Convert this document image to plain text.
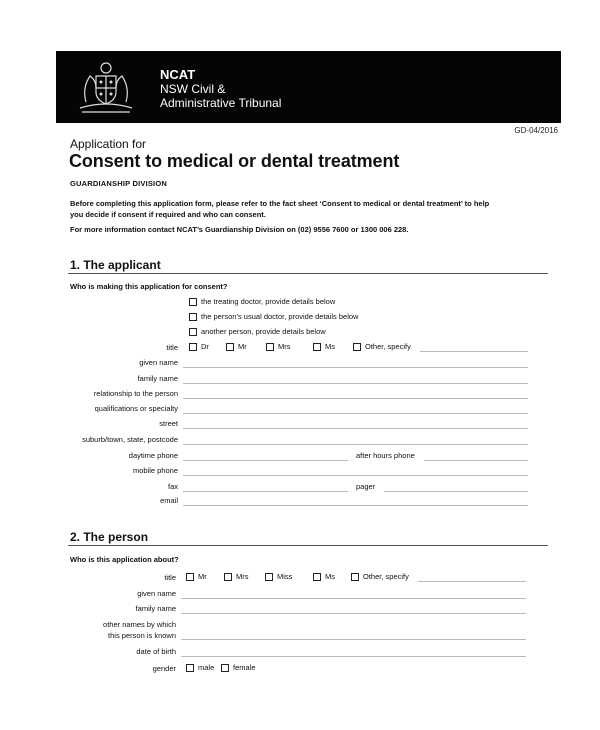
NCAT
NSW Civil &
Administrative Tribunal
GD-04/2016
Application for
Consent to medical or dental treatment
GUARDIANSHIP DIVISION
Before completing this application form, please refer to the fact sheet ‘Consent to medical or dental treatment’ to help
you decide if consent if required and who can consent.
For more information contact NCAT’s Guardianship Division on (02) 9556 7600 or 1300 006 228.
1. The applicant
Who is making this application for consent?
the treating doctor, provide details below
the person’s usual doctor, provide details below
another person, provide details below
title	Dr	Mr	Mrs	Ms	Other, specify
given name
family name
relationship to the person
qualifications or specialty
street
suburb/town, state, postcode
daytime phone	after hours phone
mobile phone
fax	pager
email
2. The person
Who is this application about?
title	Mr	Mrs	Miss	Ms	Other, specify
given name
family name
other names by which
this person is known
date of birth
gender	male female
